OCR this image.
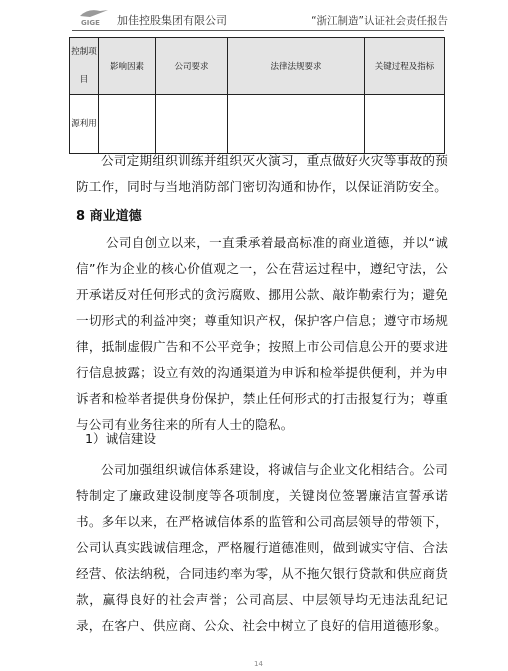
GIGE 加佳控股集团有限公司	“浙江制造”认证社会责任报告
控制项目	影响因素	公司要求	法律法规要求	关键过程及指标
源利用				

公司定期组织训练并组织灭火演习，重点做好火灾等事故的预防工作，同时与当地消防部门密切沟通和协作，以保证消防安全。

8 商业道德

公司自创立以来，一直秉承着最高标准的商业道德，并以“诚信”作为企业的核心价值观之一，公在营运过程中，遵纪守法，公开承诺反对任何形式的贪污腐败、挪用公款、敲诈勒索行为；避免一切形式的利益冲突；尊重知识产权，保护客户信息；遵守市场规律，抵制虚假广告和不公平竞争；按照上市公司信息公开的要求进行信息披露；设立有效的沟通渠道为申诉和检举提供便利，并为申诉者和检举者提供身份保护，禁止任何形式的打击报复行为；尊重与公司有业务往来的所有人士的隐私。

1）诚信建设

公司加强组织诚信体系建设，将诚信与企业文化相结合。公司特制定了廉政建设制度等各项制度，关键岗位签署廉洁宣誓承诺书。多年以来，在严格诚信体系的监管和公司高层领导的带领下，公司认真实践诚信理念，严格履行道德准则，做到诚实守信、合法经营、依法纳税，合同违约率为零，从不拖欠银行贷款和供应商货款，赢得良好的社会声誉；公司高层、中层领导均无违法乱纪记录，在客户、供应商、公众、社会中树立了良好的信用道德形象。

14
